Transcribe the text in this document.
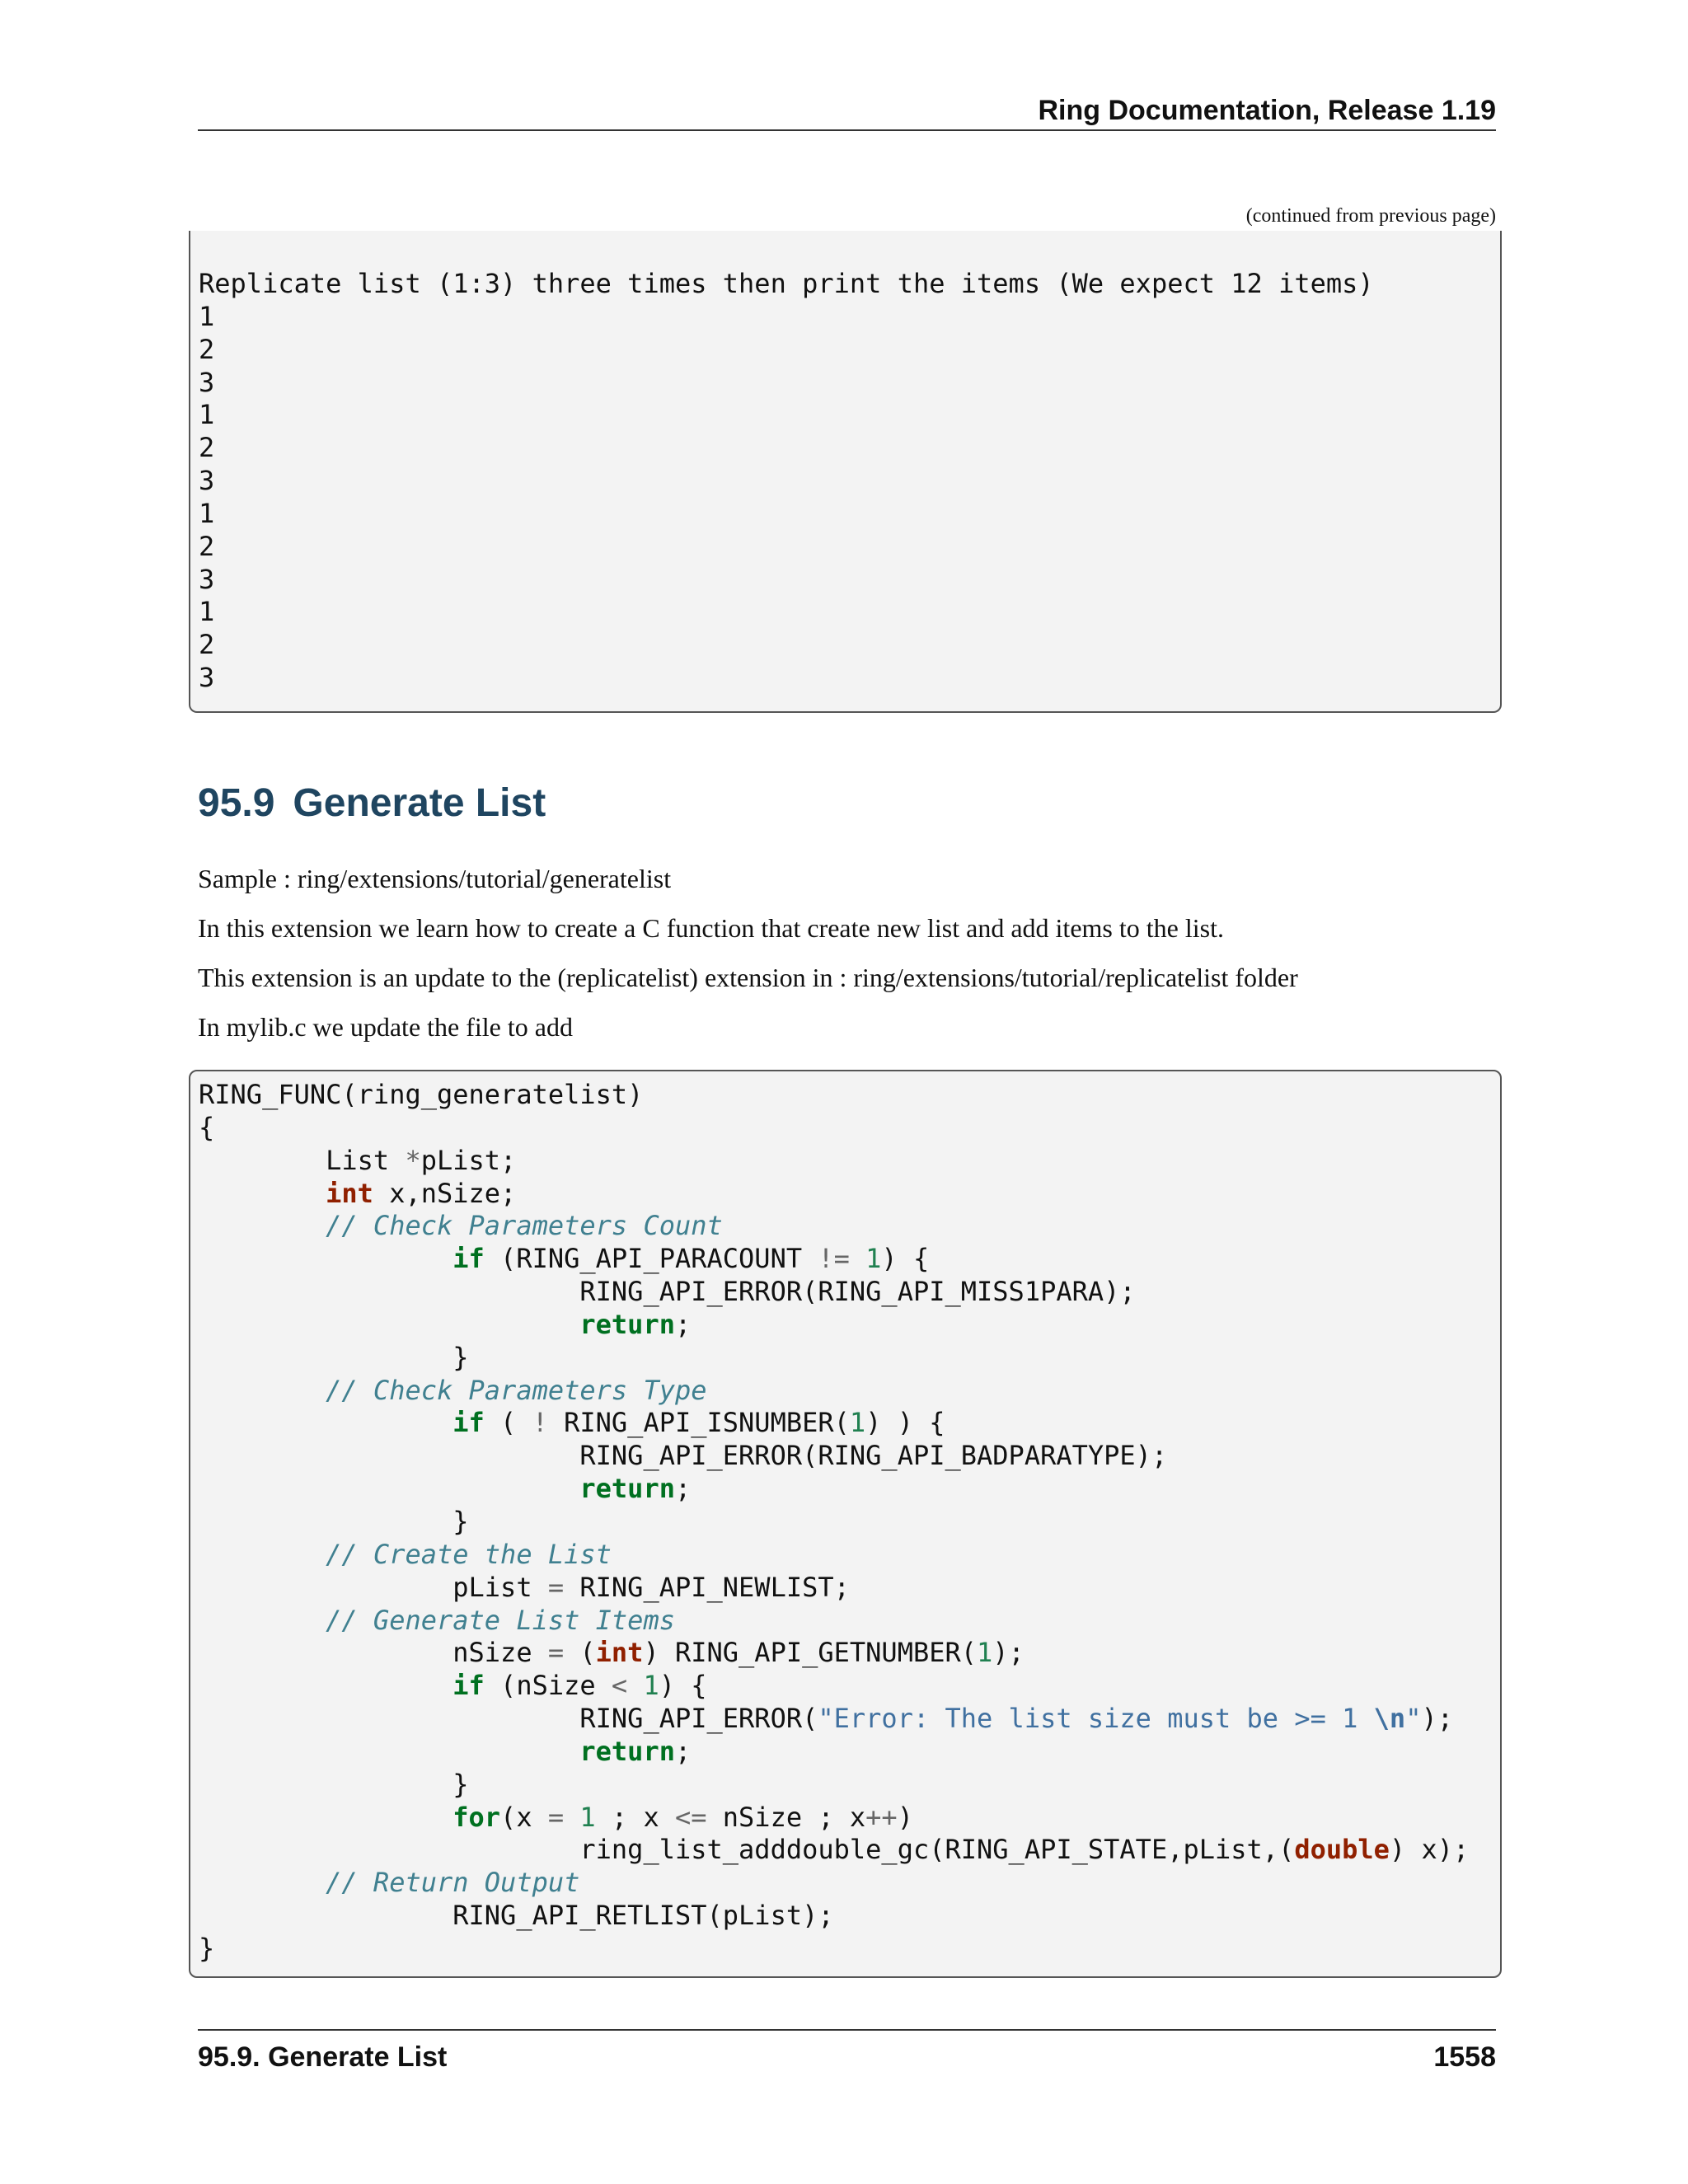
Ring Documentation, Release 1.19
(continued from previous page)
Replicate list (1:3) three times then print the items (We expect 12 items)
1
2
3
1
2
3
1
2
3
1
2
3
95.9 Generate List

Sample : ring/extensions/tutorial/generatelist

In this extension we learn how to create a C function that create new list and add items to the list.

This extension is an update to the (replicatelist) extension in : ring/extensions/tutorial/replicatelist folder

In mylib.c we update the file to add

RING_FUNC(ring_generatelist)
{
List *pList;
int x,nSize;
// Check Parameters Count
if (RING_API_PARACOUNT != 1) {
RING_API_ERROR(RING_API_MISS1PARA);
return;
}
// Check Parameters Type
if ( ! RING_API_ISNUMBER(1) ) {
RING_API_ERROR(RING_API_BADPARATYPE);
return;
}
// Create the List
pList = RING_API_NEWLIST;
// Generate List Items
nSize = (int) RING_API_GETNUMBER(1);
if (nSize < 1) {
RING_API_ERROR("Error: The list size must be >= 1 \n");
return;
}
for(x = 1 ; x <= nSize ; x++)
ring_list_adddouble_gc(RING_API_STATE,pList,(double) x);
// Return Output
RING_API_RETLIST(pList);
}
95.9. Generate List	1558
